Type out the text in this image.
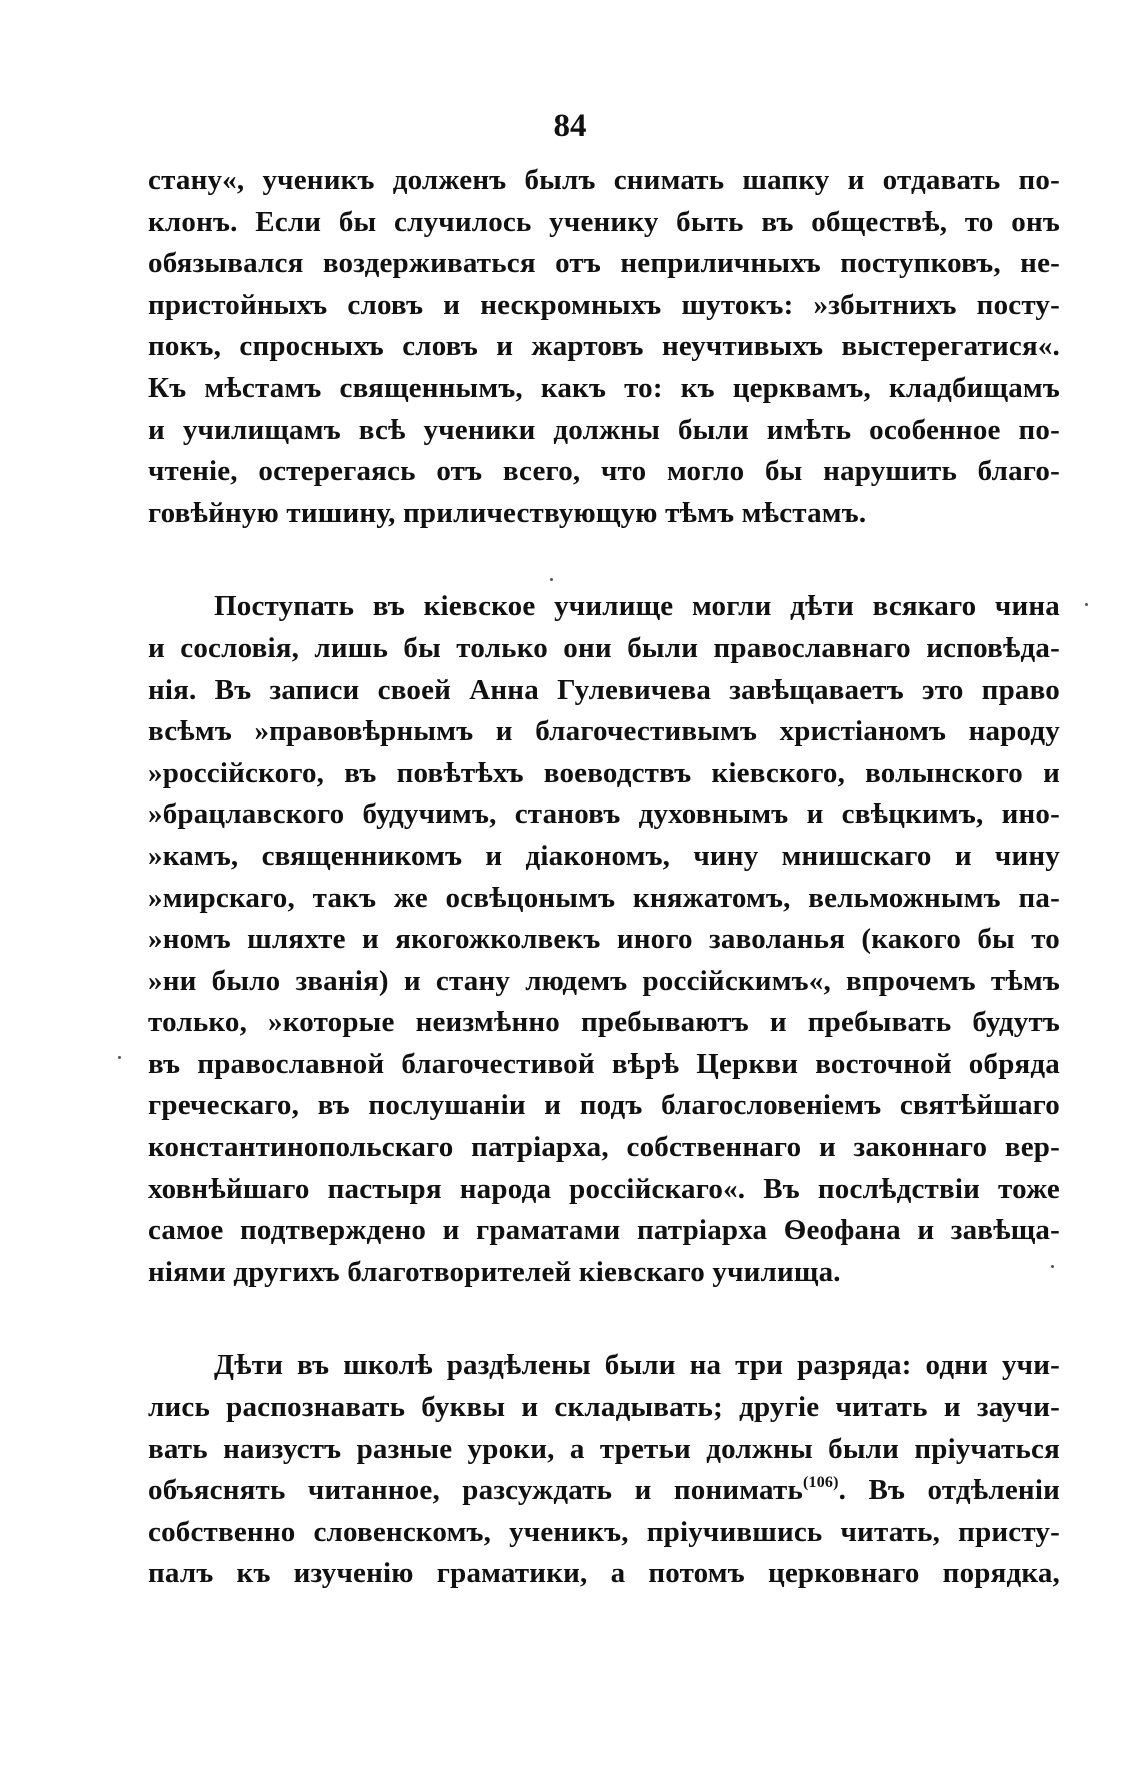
84

стану«, ученикъ долженъ былъ снимать шапку и отдавать по-
клонъ. Если бы случилось ученику быть въ обществѣ, то онъ
обязывался воздерживаться отъ неприличныхъ поступковъ, не-
пристойныхъ словъ и нескромныхъ шутокъ: »збытнихъ посту-
покъ, спросныхъ словъ и жартовъ неучтивыхъ выстерегатися«.
Къ мѣстамъ священнымъ, какъ то: къ церквамъ, кладбищамъ
и училищамъ всѣ ученики должны были имѣть особенное по-
чтеніе, остерегаясь отъ всего, что могло бы нарушить благо-
говѣйную тишину, приличествующую тѣмъ мѣстамъ.

Поступать въ кіевское училище могли дѣти всякаго чина
и сословія, лишь бы только они были православнаго исповѣда-
нія. Въ записи своей Анна Гулевичева завѣщаваетъ это право
всѣмъ »правовѣрнымъ и благочестивымъ христіаномъ народу
»россійского, въ повѣтѣхъ воеводствъ кіевского, волынского и
»брацлавского будучимъ, становъ духовнымъ и свѣцкимъ, ино-
»камъ, священникомъ и діакономъ, чину мнишскаго и чину
»мирскаго, такъ же освѣцонымъ княжатомъ, вельможнымъ па-
»номъ шляхте и якогожколвекъ иного заволанья (какого бы то
»ни было званія) и стану людемъ россійскимъ«, впрочемъ тѣмъ
только, »которые неизмѣнно пребываютъ и пребывать будутъ
въ православной благочестивой вѣрѣ Церкви восточной обряда
греческаго, въ послушаніи и подъ благословеніемъ святѣйшаго
константинопольскаго патріарха, собственнаго и законнаго вер-
ховнѣйшаго пастыря народа россійскаго«. Въ послѣдствіи тоже
самое подтверждено и граматами патріарха Ѳеофана и завѣща-
ніями другихъ благотворителей кіевскаго училища.

Дѣти въ школѣ раздѣлены были на три разряда: одни учи-
лись распознавать буквы и складывать; другіе читать и заучи-
вать наизустъ разные уроки, а третьи должны были пріучаться
объяснять читанное, разсуждать и понимать$^{(106)}$. Въ отдѣленіи
собственно словенскомъ, ученикъ, пріучившись читать, присту-
палъ къ изученію граматики, а потомъ церковнаго порядка,
